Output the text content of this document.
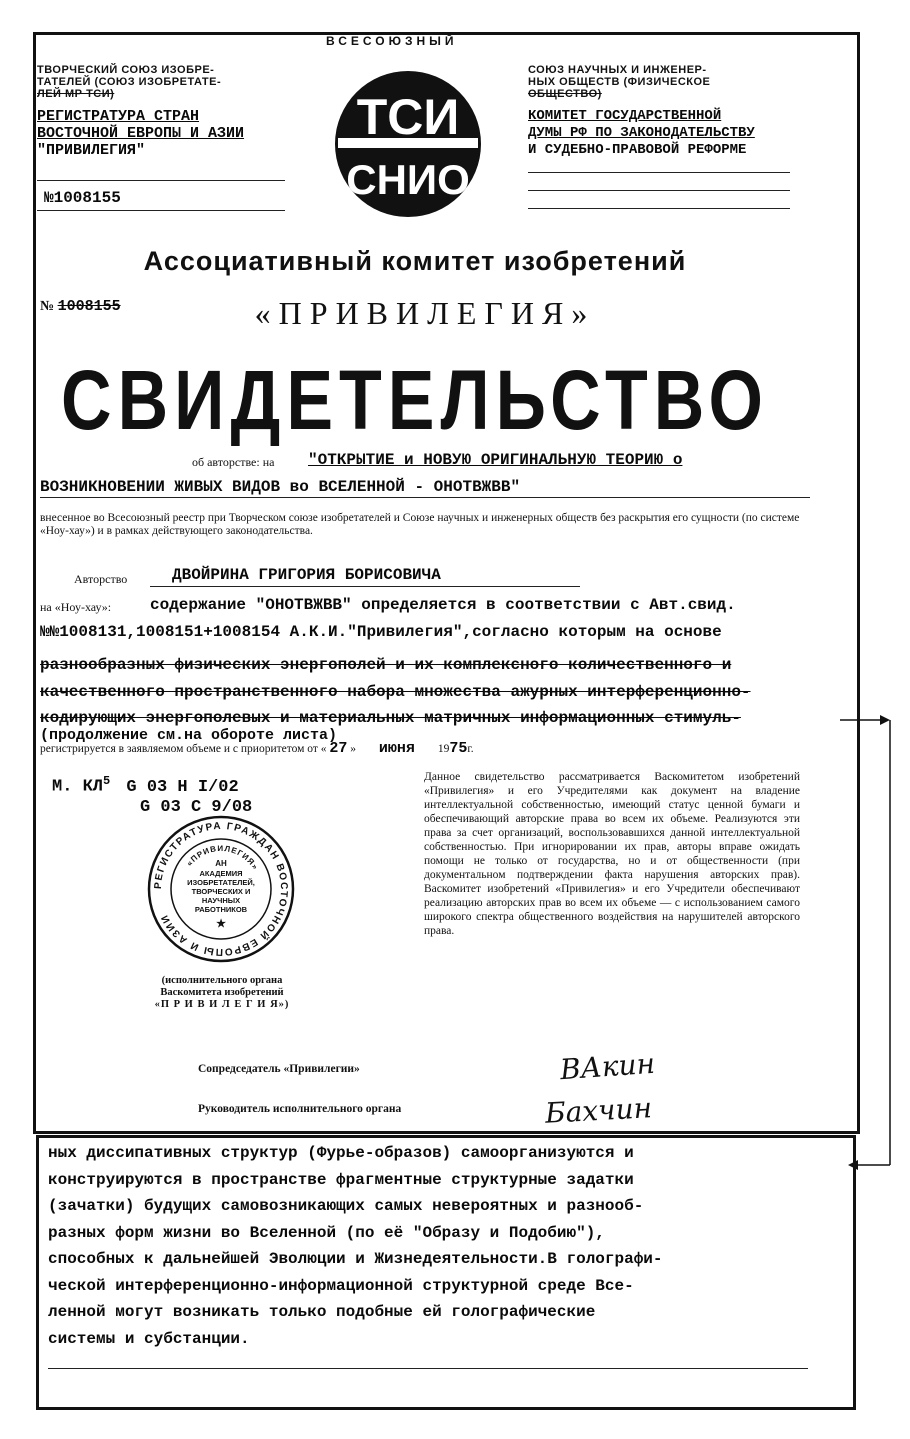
ВСЕСОЮЗНЫЙ
ТВОРЧЕСКИЙ СОЮЗ ИЗОБРЕ-
ТАТЕЛЕЙ (СОЮЗ ИЗОБРЕТАТЕ-
ЛЕЙ МР ТСИ)
РЕГИСТРАТУРА СТРАН
ВОСТОЧНОЙ ЕВРОПЫ И АЗИИ
"ПРИВИЛЕГИЯ"
№1008155
ТСИ
СНИО
СОЮЗ НАУЧНЫХ И ИНЖЕНЕР-
НЫХ ОБЩЕСТВ (ФИЗИЧЕСКОЕ
ОБЩЕСТВО)
КОМИТЕТ ГОСУДАРСТВЕННОЙ
ДУМЫ РФ ПО ЗАКОНОДАТЕЛЬСТВУ
И СУДЕБНО-ПРАВОВОЙ РЕФОРМЕ
Ассоциативный комитет изобретений
№ 1008155	«ПРИВИЛЕГИЯ»
СВИДЕТЕЛЬСТВО
об авторстве: на "ОТКРЫТИЕ и НОВУЮ ОРИГИНАЛЬНУЮ ТЕОРИЮ о
ВОЗНИКНОВЕНИИ ЖИВЫХ ВИДОВ во ВСЕЛЕННОЙ - ОНОТВЖВВ"
внесенное во Всесоюзный реестр при Творческом союзе изобретателей и Союзе научных и инженерных обществ без раскрытия его сущности (по системе «Ноу-хау») и в рамках действующего законодательства.
Авторство	ДВОЙРИНА ГРИГОРИЯ БОРИСОВИЧА
на «Ноу-хау»: содержание "ОНОТВЖВВ" определяется в соответствии с Авт.свид.
№№1008131,1008151+1008154 А.К.И."Привилегия",согласно которым на основе
разнообразных физических энергополей и их комплексного количественного и
качественного пространственного набора множества ажурных интерференционно-
кодирующих энергополевых и материальных матричных информационных стимуль-
(продолжение см.на обороте листа)
регистрируется в заявляемом объеме и с приоритетом от « 27 » июня 1975г.
М. $КЛ^5$ G 03 H I/02
G 03 C 9/08
РЕГИСТРАТУРА ГРАЖДАН ВОСТОЧНОЙ ЕВРОПЫ И АЗИИ
«ПРИВИЛЕГИЯ»
АН
АКАДЕМИЯ
ИЗОБРЕТАТЕЛЕЙ,
ТВОРЧЕСКИХ И
НАУЧНЫХ
РАБОТНИКОВ
★
(исполнительного органа
Васкомитета изобретений
«П Р И В И Л Е Г И Я»)
Данное свидетельство рассматривается Васкомитетом изобретений «Привилегия» и его Учредителями как документ на владение интеллектуальной собственностью, имеющий статус ценной бумаги и обеспечивающий авторские права во всем их объеме. Реализуются эти права за счет организаций, воспользовавшихся данной интеллектуальной собственностью. При игнорировании их прав, авторы вправе ожидать помощи не только от государства, но и от общественности (при документальном подтверждении факта нарушения авторских прав). Васкомитет изобретений «Привилегия» и его Учредители обеспечивают реализацию авторских прав во всем их объеме — с использованием самого широкого спектра общественного воздействия на нарушителей авторского права.
Сопредседатель «Привилегии»	ВАкин
Руководитель исполнительного органа	Бахчин
ных диссипативных структур (Фурье-образов) самоорганизуются и
конструируются в пространстве фрагментные структурные задатки
(зачатки) будущих самовозникающих самых невероятных и разнооб-
разных форм жизни во Вселенной (по её "Образу и Подобию"),
способных к дальнейшей Эволюции и Жизнедеятельности.В голографи-
ческой интерференционно-информационной структурной среде Все-
ленной могут возникать только подобные ей голографические
системы и субстанции.
